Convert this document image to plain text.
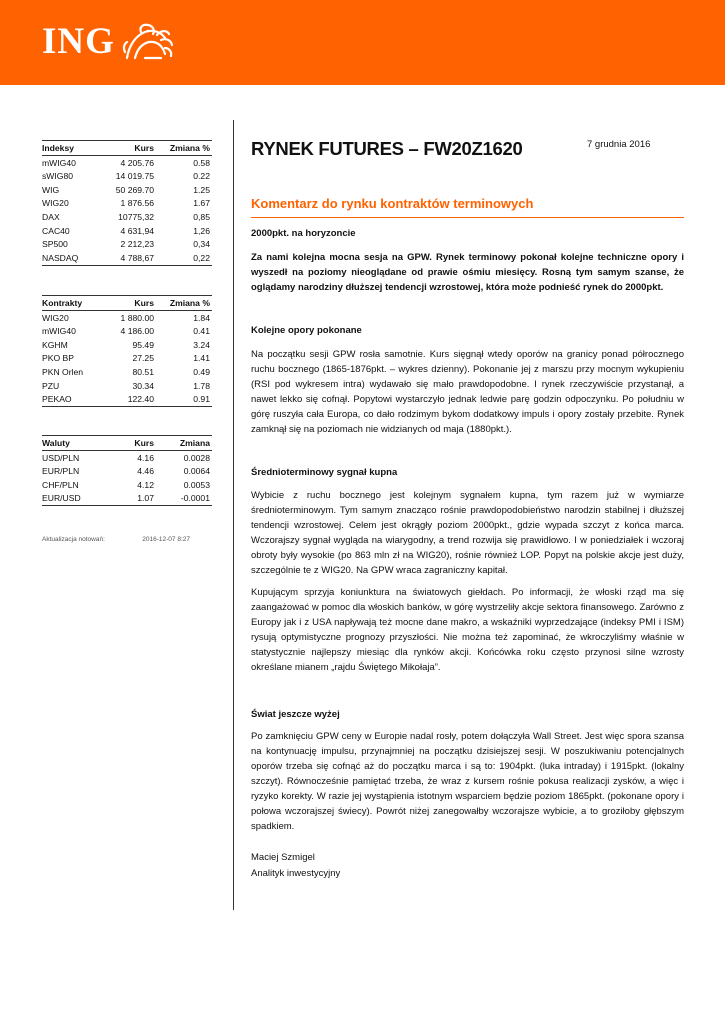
ING
Indeksy	Kurs	Zmiana %
mWIG40	4 205.76	0.58
sWIG80	14 019.75	0.22
WIG	50 269.70	1.25
WIG20	1 876.56	1.67
DAX	10775,32	0,85
CAC40	4 631,94	1,26
SP500	2 212,23	0,34
NASDAQ	4 788,67	0,22
Kontrakty	Kurs	Zmiana %
WIG20	1 880.00	1.84
mWIG40	4 186.00	0.41
KGHM	95.49	3.24
PKO BP	27.25	1.41
PKN Orlen	80.51	0.49
PZU	30.34	1.78
PEKAO	122.40	0.91
Waluty	Kurs	Zmiana
USD/PLN	4.16	0.0028
EUR/PLN	4.46	0.0064
CHF/PLN	4.12	0.0053
EUR/USD	1.07	-0.0001
Aktualizacja notowań:	2016-12-07 8:27
RYNEK FUTURES – FW20Z1620	7 grudnia 2016
Komentarz do rynku kontraktów terminowych
2000pkt. na horyzoncie
Za nami kolejna mocna sesja na GPW. Rynek terminowy pokonał kolejne techniczne opory i wyszedł na poziomy nieoglądane od prawie ośmiu miesięcy. Rosną tym samym szanse, że oglądamy narodziny dłuższej tendencji wzrostowej, która może podnieść rynek do 2000pkt.
Kolejne opory pokonane
Na początku sesji GPW rosła samotnie. Kurs sięgnął wtedy oporów na granicy ponad półrocznego ruchu bocznego (1865-1876pkt. – wykres dzienny). Pokonanie jej z marszu przy mocnym wykupieniu (RSI pod wykresem intra) wydawało się mało prawdopodobne. I rynek rzeczywiście przystanął, a nawet lekko się cofnął. Popytowi wystarczyło jednak ledwie parę godzin odpoczynku. Po południu w górę ruszyła cała Europa, co dało rodzimym bykom dodatkowy impuls i opory zostały przebite. Rynek zamknął się na poziomach nie widzianych od maja (1880pkt.).
Średnioterminowy sygnał kupna
Wybicie z ruchu bocznego jest kolejnym sygnałem kupna, tym razem już w wymiarze średnioterminowym. Tym samym znacząco rośnie prawdopodobieństwo narodzin stabilnej i dłuższej tendencji wzrostowej. Celem jest okrągły poziom 2000pkt., gdzie wypada szczyt z końca marca. Wczorajszy sygnał wygląda na wiarygodny, a trend rozwija się prawidłowo. I w poniedziałek i wczoraj obroty były wysokie (po 863 mln zł na WIG20), rośnie również LOP. Popyt na polskie akcje jest duży, szczególnie te z WIG20. Na GPW wraca zagraniczny kapitał.
Kupującym sprzyja koniunktura na światowych giełdach. Po informacji, że włoski rząd ma się zaangażować w pomoc dla włoskich banków, w górę wystrzeliły akcje sektora finansowego. Zarówno z Europy jak i z USA napływają też mocne dane makro, a wskaźniki wyprzedzające (indeksy PMI i ISM) rysują optymistyczne prognozy przyszłości. Nie można też zapominać, że wkroczyliśmy właśnie w statystycznie najlepszy miesiąc dla rynków akcji. Końcówka roku często przynosi silne wzrosty określane mianem „rajdu Świętego Mikołaja”.
Świat jeszcze wyżej
Po zamknięciu GPW ceny w Europie nadal rosły, potem dołączyła Wall Street. Jest więc spora szansa na kontynuację impulsu, przynajmniej na początku dzisiejszej sesji. W poszukiwaniu potencjalnych oporów trzeba się cofnąć aż do początku marca i są to: 1904pkt. (luka intraday) i 1915pkt. (lokalny szczyt). Równocześnie pamiętać trzeba, że wraz z kursem rośnie pokusa realizacji zysków, a więc i ryzyko korekty. W razie jej wystąpienia istotnym wsparciem będzie poziom 1865pkt. (pokonane opory i połowa wczorajszej świecy). Powrót niżej zanegowałby wczorajsze wybicie, a to groziłoby głębszym spadkiem.
Maciej Szmigel
Analityk inwestycyjny
